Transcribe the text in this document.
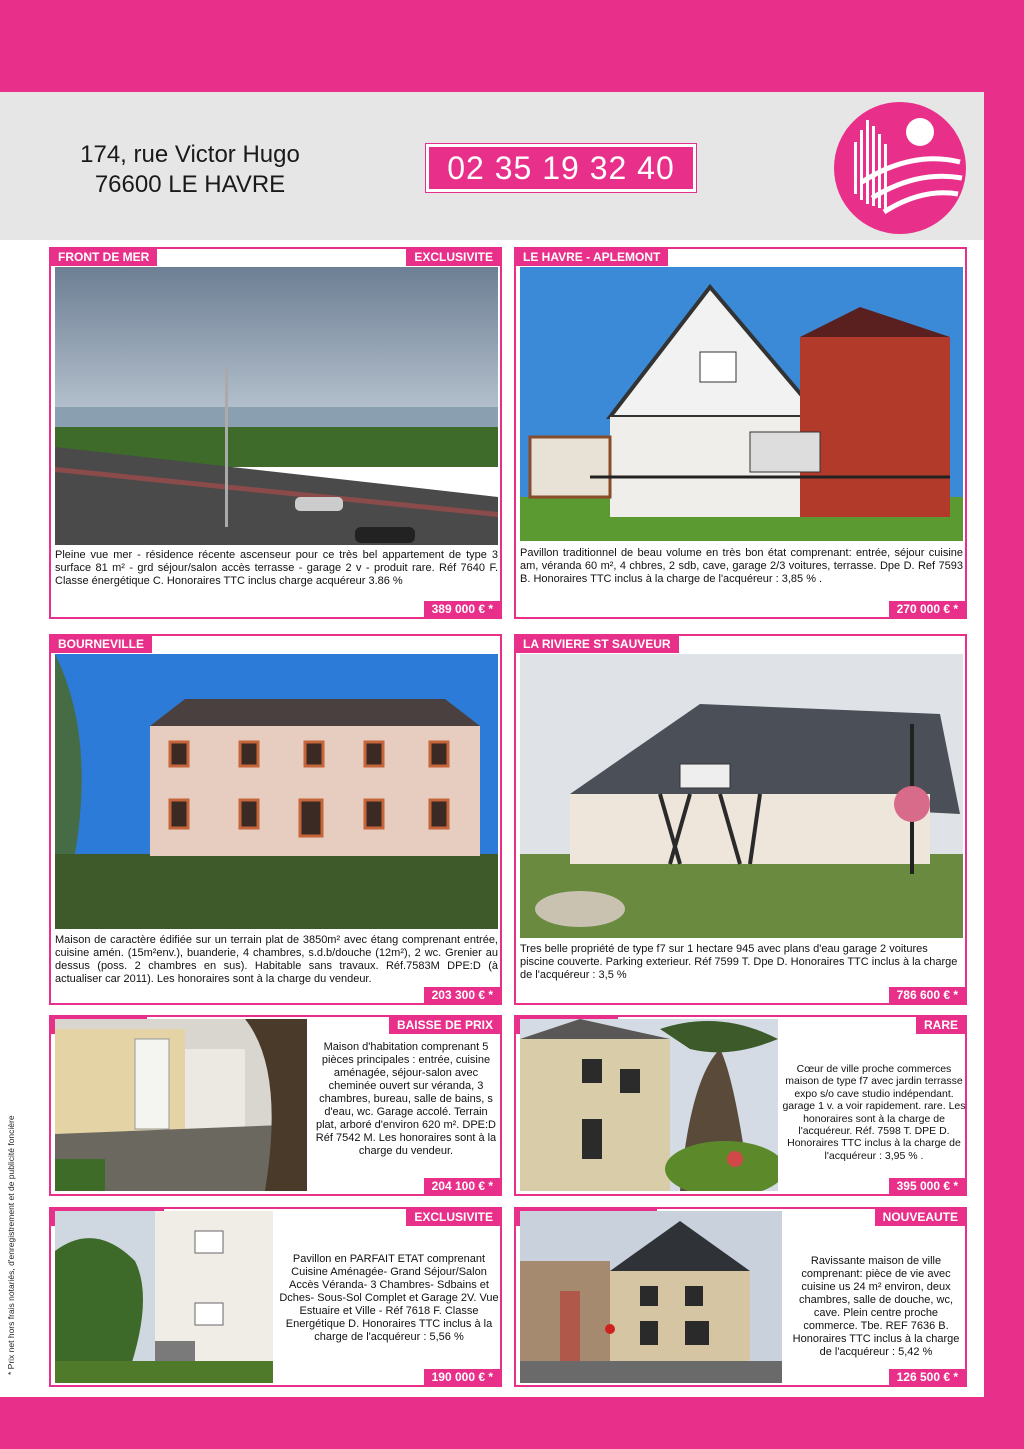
174, rue Victor Hugo
76600 LE HAVRE	02 35 19 32 40
FRONT DE MER	EXCLUSIVITE
Pleine vue mer - résidence récente ascenseur pour ce très bel appartement de type 3 surface 81 m² - grd séjour/salon accès terrasse - garage 2 v - produit rare. Réf 7640 F. Classe énergétique C. Honoraires TTC inclus charge acquéreur 3.86 %
389 000 € *
LE HAVRE - APLEMONT
Pavillon traditionnel de beau volume en très bon état comprenant: entrée, séjour cuisine am, véranda 60 m², 4 chbres, 2 sdb, cave, garage 2/3 voitures, terrasse. Dpe D. Ref 7593 B. Honoraires TTC inclus à la charge de l'acquéreur : 3,85 % .
270 000 € *
BOURNEVILLE
Maison de caractère édifiée sur un terrain plat de 3850m² avec étang comprenant entrée, cuisine amén. (15m²env.), buanderie, 4 chambres, s.d.b/douche (12m²), 2 wc. Grenier au dessus (poss. 2 chambres en sus). Habitable sans travaux. Réf.7583M DPE:D (à actualiser car 2011). Les honoraires sont à la charge du vendeur.
203 300 € *
LA RIVIERE ST SAUVEUR
Tres belle propriété de type f7 sur 1 hectare 945 avec plans d'eau garage 2 voitures piscine couverte. Parking exterieur. Réf 7599 T. Dpe D. Honoraires TTC inclus à la charge de l'acquéreur : 3,5 %
786 600 € *
BAISSE DE PRIX
Maison d'habitation comprenant 5 pièces principales : entrée, cuisine aménagée, séjour-salon avec cheminée ouvert sur véranda, 3 chambres, bureau, salle de bains, s d'eau, wc. Garage accolé. Terrain plat, arboré d'environ 620 m². DPE:D Réf 7542 M. Les honoraires sont à la charge du vendeur.
204 100 € *
RARE
Cœur de ville proche commerces maison de type f7 avec jardin terrasse expo s/o cave studio indépendant. garage 1 v. a voir rapidement. rare. Les honoraires sont à la charge de l'acquéreur. Réf. 7598 T. DPE D. Honoraires TTC inclus à la charge de l'acquéreur : 3,95 % .
395 000 € *
EXCLUSIVITE
Pavillon en PARFAIT ETAT comprenant Cuisine Aménagée- Grand Séjour/Salon Accès Véranda- 3 Chambres- Sdbains et Dches- Sous-Sol Complet et Garage 2V. Vue Estuaire et Ville - Réf 7618 F. Classe Energétique D. Honoraires TTC inclus à la charge de l'acquéreur : 5,56 %
190 000 € *
NOUVEAUTE
Ravissante maison de ville comprenant: pièce de vie avec cuisine us 24 m² environ, deux chambres, salle de douche, wc, cave. Plein centre proche commerce. Tbe. REF 7636 B. Honoraires TTC inclus à la charge de l'acquéreur : 5,42 %
126 500 € *
* Prix net hors frais notariés, d'enregistrement et de publicité foncière
